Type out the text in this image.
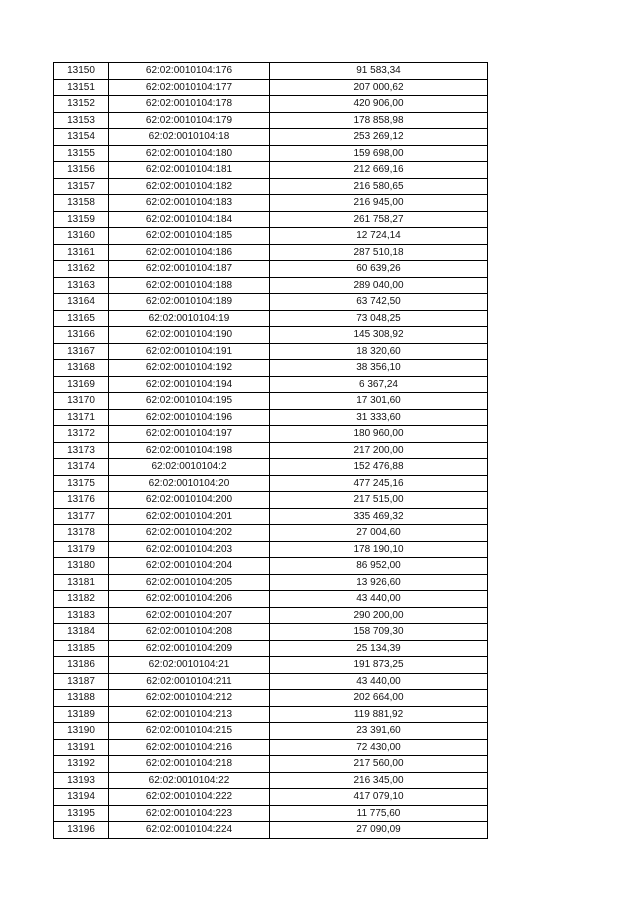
13150	62:02:0010104:176	91 583,34
13151	62:02:0010104:177	207 000,62
13152	62:02:0010104:178	420 906,00
13153	62:02:0010104:179	178 858,98
13154	62:02:0010104:18	253 269,12
13155	62:02:0010104:180	159 698,00
13156	62:02:0010104:181	212 669,16
13157	62:02:0010104:182	216 580,65
13158	62:02:0010104:183	216 945,00
13159	62:02:0010104:184	261 758,27
13160	62:02:0010104:185	12 724,14
13161	62:02:0010104:186	287 510,18
13162	62:02:0010104:187	60 639,26
13163	62:02:0010104:188	289 040,00
13164	62:02:0010104:189	63 742,50
13165	62:02:0010104:19	73 048,25
13166	62:02:0010104:190	145 308,92
13167	62:02:0010104:191	18 320,60
13168	62:02:0010104:192	38 356,10
13169	62:02:0010104:194	6 367,24
13170	62:02:0010104:195	17 301,60
13171	62:02:0010104:196	31 333,60
13172	62:02:0010104:197	180 960,00
13173	62:02:0010104:198	217 200,00
13174	62:02:0010104:2	152 476,88
13175	62:02:0010104:20	477 245,16
13176	62:02:0010104:200	217 515,00
13177	62:02:0010104:201	335 469,32
13178	62:02:0010104:202	27 004,60
13179	62:02:0010104:203	178 190,10
13180	62:02:0010104:204	86 952,00
13181	62:02:0010104:205	13 926,60
13182	62:02:0010104:206	43 440,00
13183	62:02:0010104:207	290 200,00
13184	62:02:0010104:208	158 709,30
13185	62:02:0010104:209	25 134,39
13186	62:02:0010104:21	191 873,25
13187	62:02:0010104:211	43 440,00
13188	62:02:0010104:212	202 664,00
13189	62:02:0010104:213	119 881,92
13190	62:02:0010104:215	23 391,60
13191	62:02:0010104:216	72 430,00
13192	62:02:0010104:218	217 560,00
13193	62:02:0010104:22	216 345,00
13194	62:02:0010104:222	417 079,10
13195	62:02:0010104:223	11 775,60
13196	62:02:0010104:224	27 090,09
